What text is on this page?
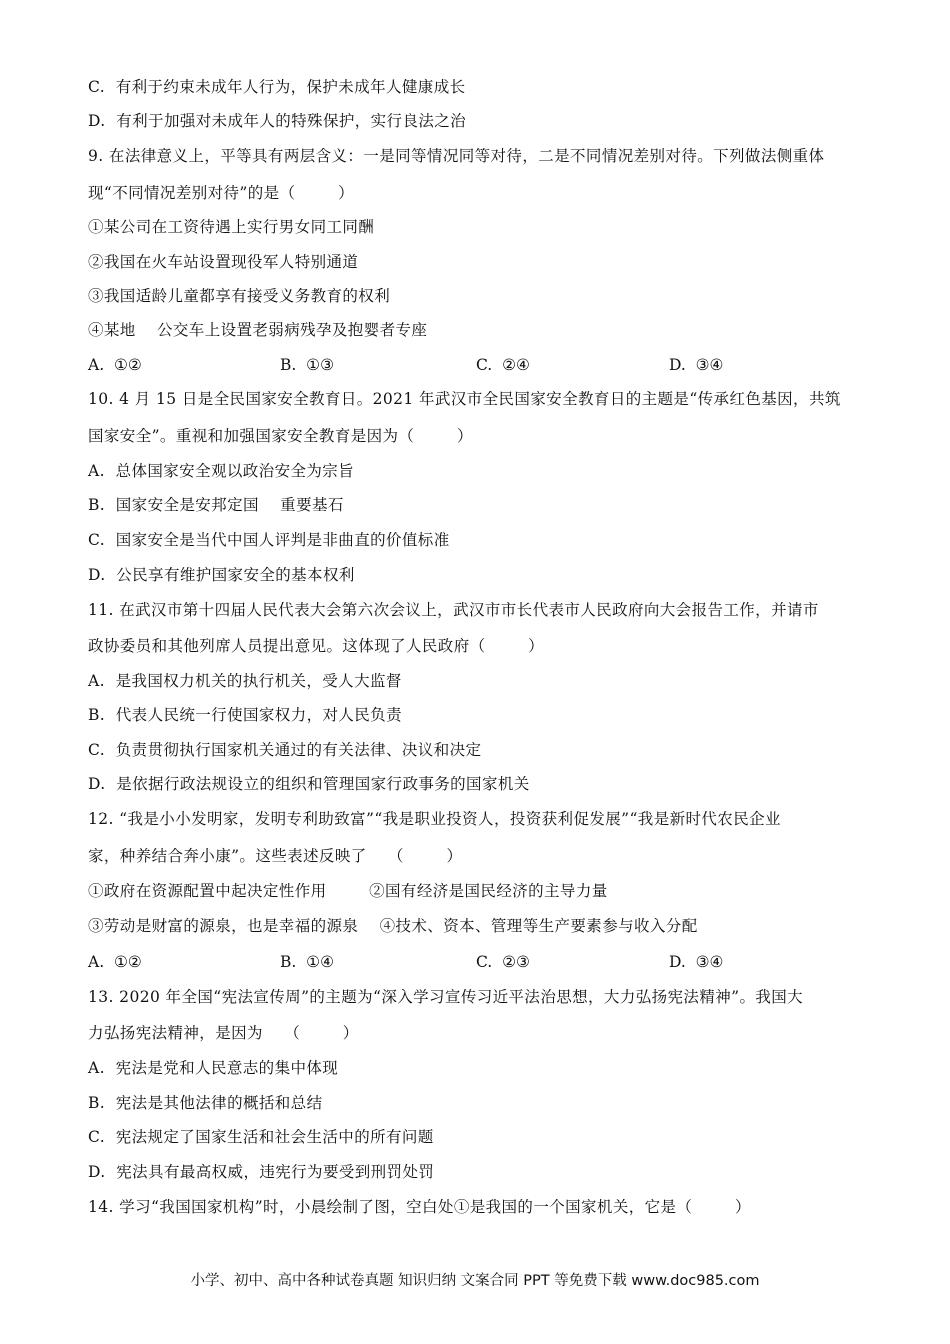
C.  有利于约束未成年人行为，保护未成年人健康成长
D.  有利于加强对未成年人的特殊保护，实行良法之治
9. 在法律意义上，平等具有两层含义：一是同等情况同等对待，二是不同情况差别对待。下列做法侧重体
现“不同情况差别对待”的是（        ）
①某公司在工资待遇上实行男女同工同酬
②我国在火车站设置现役军人特别通道
③我国适龄儿童都享有接受义务教育的权利
④某地    公交车上设置老弱病残孕及抱婴者专座
A.  ①②	B.  ①③	C.  ②④	D.  ③④
10. 4 月 15 日是全民国家安全教育日。2021 年武汉市全民国家安全教育日的主题是“传承红色基因，共筑
国家安全”。重视和加强国家安全教育是因为（        ）
A.  总体国家安全观以政治安全为宗旨
B.  国家安全是安邦定国    重要基石
C.  国家安全是当代中国人评判是非曲直的价值标准
D.  公民享有维护国家安全的基本权利
11. 在武汉市第十四届人民代表大会第六次会议上，武汉市市长代表市人民政府向大会报告工作，并请市
政协委员和其他列席人员提出意见。这体现了人民政府（        ）
A.  是我国权力机关的执行机关，受人大监督
B.  代表人民统一行使国家权力，对人民负责
C.  负责贯彻执行国家机关通过的有关法律、决议和决定
D.  是依据行政法规设立的组织和管理国家行政事务的国家机关
12. “我是小小发明家，发明专利助致富”“我是职业投资人，投资获利促发展”“我是新时代农民企业
家，种养结合奔小康”。这些表述反映了    （        ）
①政府在资源配置中起决定性作用        ②国有经济是国民经济的主导力量
③劳动是财富的源泉，也是幸福的源泉    ④技术、资本、管理等生产要素参与收入分配
A.  ①②	B.  ①④	C.  ②③	D.  ③④
13. 2020 年全国“宪法宣传周”的主题为“深入学习宣传习近平法治思想，大力弘扬宪法精神”。我国大
力弘扬宪法精神，是因为    （        ）
A.  宪法是党和人民意志的集中体现
B.  宪法是其他法律的概括和总结
C.  宪法规定了国家生活和社会生活中的所有问题
D.  宪法具有最高权威，违宪行为要受到刑罚处罚
14. 学习“我国国家机构”时，小晨绘制了图，空白处①是我国的一个国家机关，它是（        ）
小学、初中、高中各种试卷真题 知识归纳 文案合同 PPT 等免费下载 www.doc985.com
